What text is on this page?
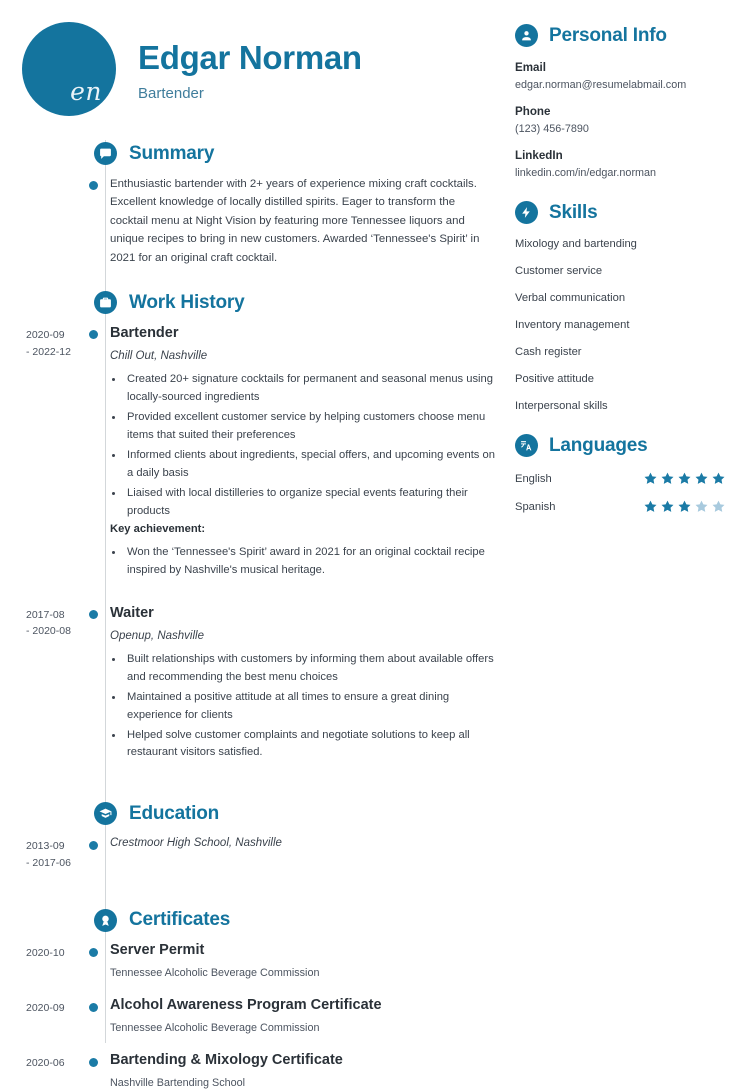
en
Edgar Norman
Bartender
Summary
Enthusiastic bartender with 2+ years of experience mixing craft cocktails. Excellent knowledge of locally distilled spirits. Eager to transform the cocktail menu at Night Vision by featuring more Tennessee liquors and unique recipes to bring in new customers. Awarded ‘Tennessee's Spirit’ in 2021 for an original craft cocktail.
Work History
2020-09
- 2022-12
Bartender
Chill Out, Nashville
• Created 20+ signature cocktails for permanent and seasonal menus using locally-sourced ingredients
• Provided excellent customer service by helping customers choose menu items that suited their preferences
• Informed clients about ingredients, special offers, and upcoming events on a daily basis
• Liaised with local distilleries to organize special events featuring their products
Key achievement:
• Won the ‘Tennessee's Spirit’ award in 2021 for an original cocktail recipe inspired by Nashville's musical heritage.
2017-08
- 2020-08
Waiter
Openup, Nashville
• Built relationships with customers by informing them about available offers and recommending the best menu choices
• Maintained a positive attitude at all times to ensure a great dining experience for clients
• Helped solve customer complaints and negotiate solutions to keep all restaurant visitors satisfied.
Education
2013-09
- 2017-06
Crestmoor High School, Nashville
Certificates
2020-10	Server Permit
Tennessee Alcoholic Beverage Commission
2020-09	Alcohol Awareness Program Certificate
Tennessee Alcoholic Beverage Commission
2020-06	Bartending & Mixology Certificate
Nashville Bartending School
Personal Info
Email
edgar.norman@resumelabmail.com
Phone
(123) 456-7890
LinkedIn
linkedin.com/in/edgar.norman
Skills
Mixology and bartending
Customer service
Verbal communication
Inventory management
Cash register
Positive attitude
Interpersonal skills
Languages
English
Spanish
